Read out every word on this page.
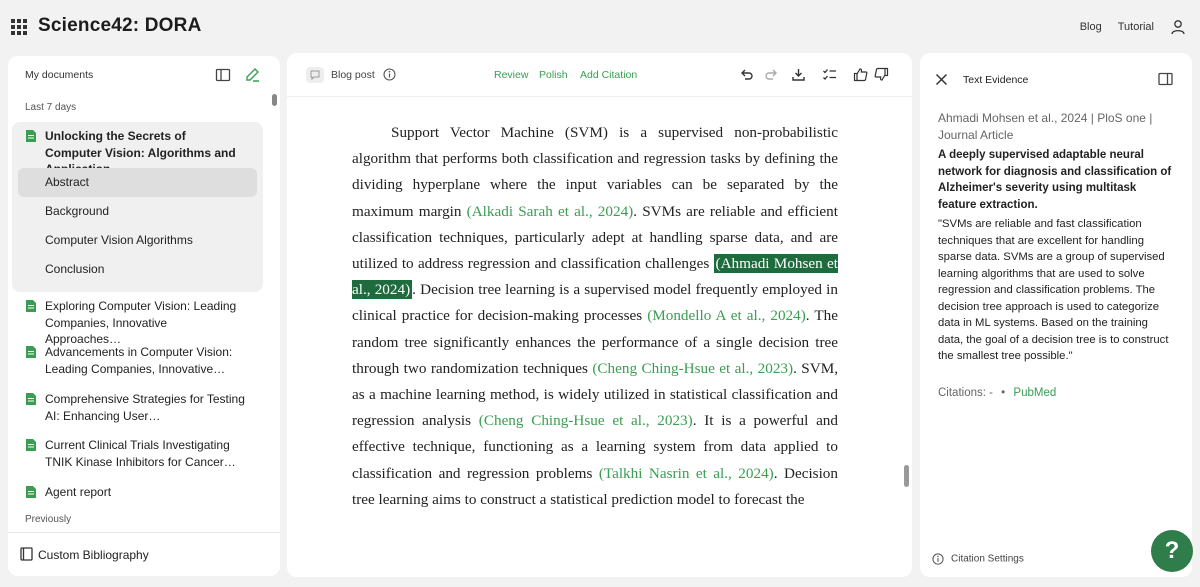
Science42: DORA	Blog Tutorial
My documents
Last 7 days
Unlocking the Secrets of Computer Vision: Algorithms and
Abstract
Background
Computer Vision Algorithms
Conclusion
Exploring Computer Vision: Leading Companies, Innovative Approaches…
Advancements in Computer Vision: Leading Companies, Innovative…
Comprehensive Strategies for Testing AI: Enhancing User…
Current Clinical Trials Investigating TNIK Kinase Inhibitors for Cancer…
Agent report
Previously
Custom Bibliography
Blog post	Review Polish Add Citation

Support Vector Machine (SVM) is a supervised non-probabilistic algorithm that performs both classification and regression tasks by defining the dividing hyperplane where the input variables can be separated by the maximum margin (Alkadi Sarah et al., 2024). SVMs are reliable and efficient classification techniques, particularly adept at handling sparse data, and are utilized to address regression and classification challenges (Ahmadi Mohsen et al., 2024) . Decision tree learning is a supervised model frequently employed in clinical practice for decision-making processes (Mondello A et al., 2024). The random tree significantly enhances the performance of a single decision tree through two randomization techniques (Cheng Ching-Hsue et al., 2023). SVM, as a machine learning method, is widely utilized in statistical classification and regression analysis (Cheng Ching-Hsue et al., 2023). It is a powerful and effective technique, functioning as a learning system from data applied to classification and regression problems (Talkhi Nasrin et al., 2024). Decision tree learning aims to construct a statistical prediction model to forecast the

Text Evidence
Ahmadi Mohsen et al., 2024 | PloS one | Journal Article
A deeply supervised adaptable neural network for diagnosis and classification of Alzheimer's severity using multitask feature extraction.
"SVMs are reliable and fast classification techniques that are excellent for handling sparse data. SVMs are a group of supervised learning algorithms that are used to solve regression and classification problems. The decision tree approach is used to categorize data in ML systems. Based on the training data, the goal of a decision tree is to construct the smallest tree possible."
Citations: - • PubMed
Citation Settings	?
